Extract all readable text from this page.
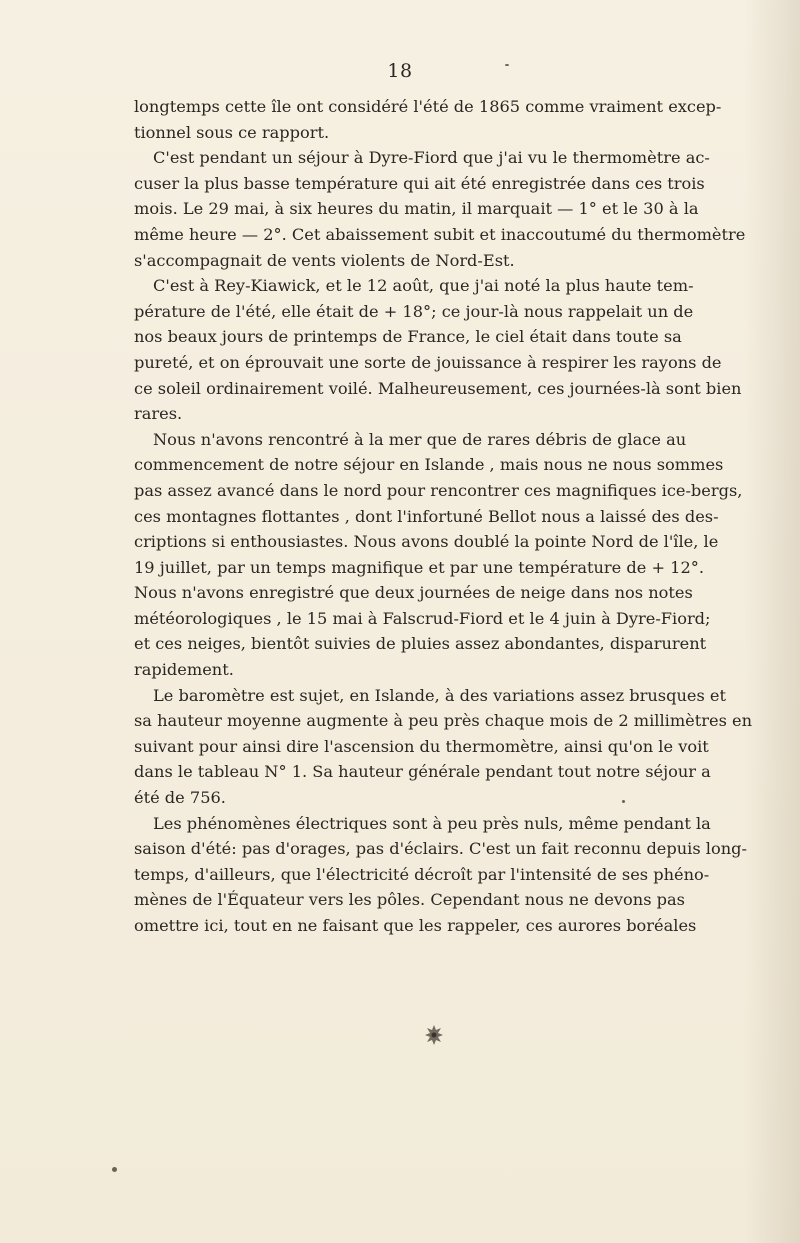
18
longtemps cette île ont considéré l'été de 1865 comme vraiment excep-
tionnel sous ce rapport.
C'est pendant un séjour à Dyre-Fiord que j'ai vu le thermomètre ac-
cuser la plus basse température qui ait été enregistrée dans ces trois
mois. Le 29 mai, à six heures du matin, il marquait — 1° et le 30 à la
même heure — 2°. Cet abaissement subit et inaccoutumé du thermomètre
s'accompagnait de vents violents de Nord-Est.
C'est à Rey-Kiawick, et le 12 août, que j'ai noté la plus haute tem-
pérature de l'été, elle était de + 18°; ce jour-là nous rappelait un de
nos beaux jours de printemps de France, le ciel était dans toute sa
pureté, et on éprouvait une sorte de jouissance à respirer les rayons de
ce soleil ordinairement voilé. Malheureusement, ces journées-là sont bien
rares.
Nous n'avons rencontré à la mer que de rares débris de glace au
commencement de notre séjour en Islande , mais nous ne nous sommes
pas assez avancé dans le nord pour rencontrer ces magnifiques ice-bergs,
ces montagnes flottantes , dont l'infortuné Bellot nous a laissé des des-
criptions si enthousiastes. Nous avons doublé la pointe Nord de l'île, le
19 juillet, par un temps magnifique et par une température de + 12°.
Nous n'avons enregistré que deux journées de neige dans nos notes
météorologiques , le 15 mai à Falscrud-Fiord et le 4 juin à Dyre-Fiord;
et ces neiges, bientôt suivies de pluies assez abondantes, disparurent
rapidement.
Le baromètre est sujet, en Islande, à des variations assez brusques et
sa hauteur moyenne augmente à peu près chaque mois de 2 millimètres en
suivant pour ainsi dire l'ascension du thermomètre, ainsi qu'on le voit
dans le tableau N° 1. Sa hauteur générale pendant tout notre séjour a
été de 756.
Les phénomènes électriques sont à peu près nuls, même pendant la
saison d'été: pas d'orages, pas d'éclairs. C'est un fait reconnu depuis long-
temps, d'ailleurs, que l'électricité décroît par l'intensité de ses phéno-
mènes de l'Équateur vers les pôles. Cependant nous ne devons pas
omettre ici, tout en ne faisant que les rappeler, ces aurores boréales
